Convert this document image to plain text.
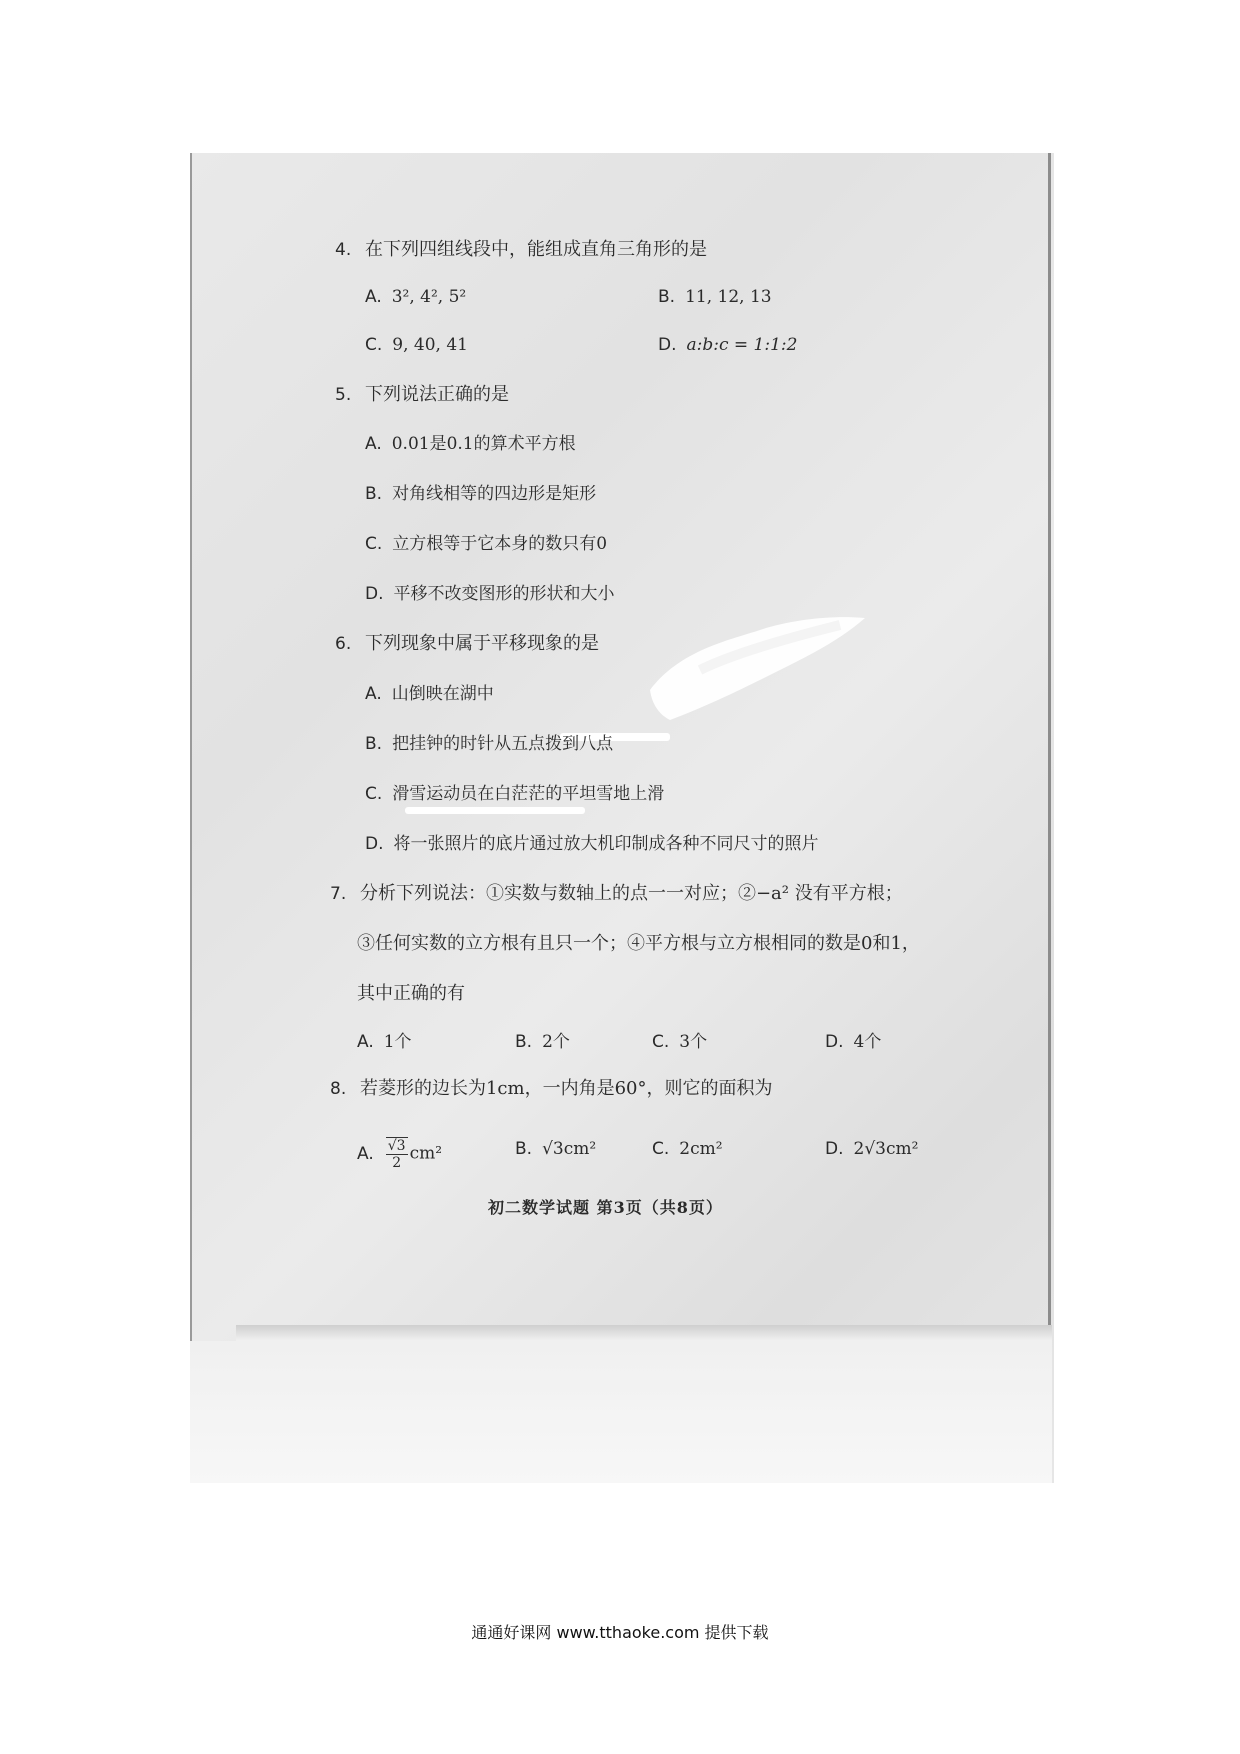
4. 在下列四组线段中，能组成直角三角形的是
A. 3², 4², 5²	B. 11, 12, 13
C. 9, 40, 41	D. a:b:c = 1:1:2
5. 下列说法正确的是
A. 0.01是0.1的算术平方根
B. 对角线相等的四边形是矩形
C. 立方根等于它本身的数只有0
D. 平移不改变图形的形状和大小
6. 下列现象中属于平移现象的是
A. 山倒映在湖中
B. 把挂钟的时针从五点拨到八点
C. 滑雪运动员在白茫茫的平坦雪地上滑
D. 将一张照片的底片通过放大机印制成各种不同尺寸的照片
7. 分析下列说法：①实数与数轴上的点一一对应；②−a² 没有平方根；
③任何实数的立方根有且只一个；④平方根与立方根相同的数是0和1，
其中正确的有
A. 1个	B. 2个	C. 3个	D. 4个
8. 若菱形的边长为1cm，一内角是60°，则它的面积为
A. $\frac{√3}{2} cm^2$	B. √3cm²	C. 2cm²	D. 2√3cm²
初二数学试题 第3页（共8页）
通通好课网 www.tthaoke.com 提供下载
